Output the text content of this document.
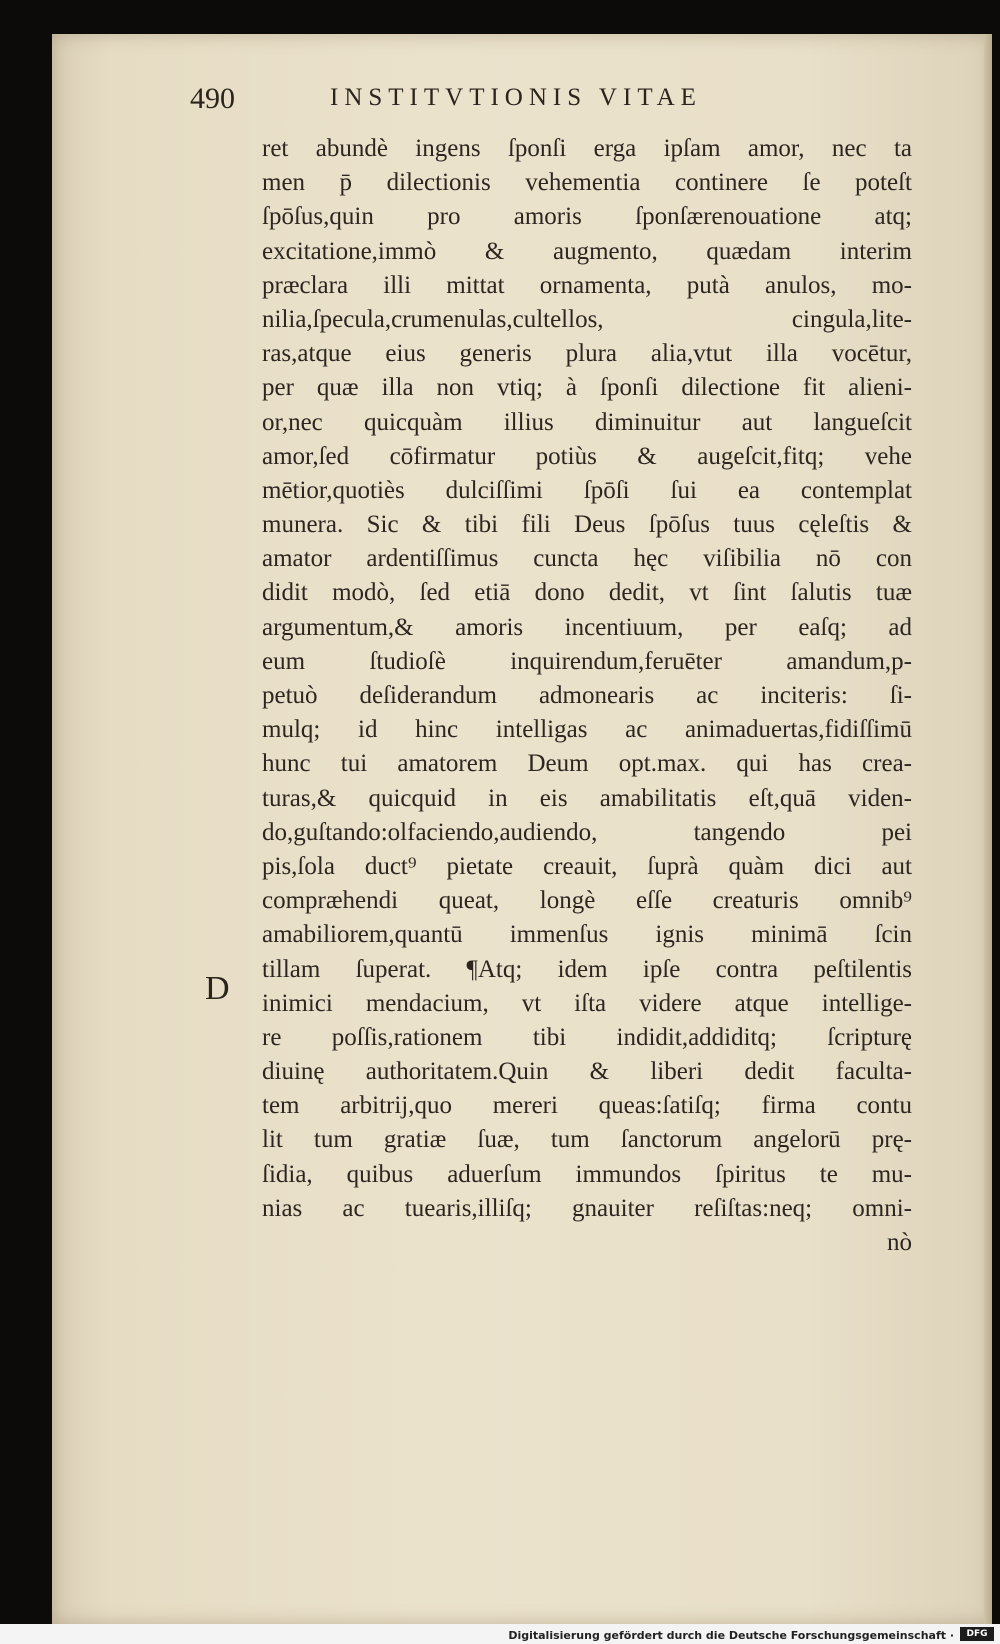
490	INSTITVTIONIS VITAE
D
ret abundè ingens ſponſi erga ipſam amor, nec ta
men p̄ dilectionis vehementia continere ſe poteſt
ſpōſus,quin pro amoris ſponſærenouatione atq;
excitatione,immò & augmento, quædam interim
præclara illi mittat ornamenta, putà anulos, mo-
nilia,ſpecula,crumenulas,cultellos, cingula,lite-
ras,atque eius generis plura alia,vtut illa vocētur,
per quæ illa non vtiq; à ſponſi dilectione fit alieni-
or,nec quicquàm illius diminuitur aut langueſcit
amor,ſed cōfirmatur potiùs & augeſcit,fitq; vehe
mētior,quotiès dulciſſimi ſpōſi ſui ea contemplat
munera. Sic & tibi fili Deus ſpōſus tuus cęleſtis &
amator ardentiſſimus cuncta hęc viſibilia nō con
didit modò, ſed etiā dono dedit, vt ſint ſalutis tuæ
argumentum,& amoris incentiuum, per eaſq; ad
eum ſtudioſè inquirendum,feruēter amandum,p-
petuò deſiderandum admonearis ac inciteris: ſi-
mulq; id hinc intelligas ac animaduertas,fidiſſimū
hunc tui amatorem Deum opt.max. qui has crea-
turas,& quicquid in eis amabilitatis eſt,quā viden-
do,guſtando:olfaciendo,audiendo, tangendo pei
pis,ſola duct⁹ pietate creauit, ſuprà quàm dici aut
compræhendi queat, longè eſſe creaturis omnib⁹
amabiliorem,quantū immenſus ignis minimā ſcin
tillam ſuperat. ¶Atq; idem ipſe contra peſtilentis
inimici mendacium, vt iſta videre atque intellige-
re poſſis,rationem tibi indidit,addiditq; ſcripturę
diuinę authoritatem.Quin & liberi dedit faculta-
tem arbitrij,quo mereri queas:ſatiſq; firma contu
lit tum gratiæ ſuæ, tum ſanctorum angelorū prę-
ſidia, quibus aduerſum immundos ſpiritus te mu-
nias ac tuearis,illiſq; gnauiter reſiſtas:neq; omni-
nò
Digitalisierung gefördert durch die Deutsche Forschungsgemeinschaft ·	DFG
